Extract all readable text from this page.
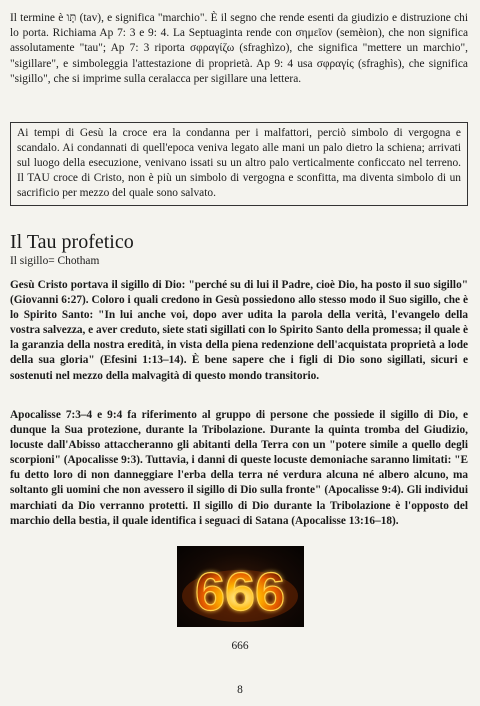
Il termine è תָּו (tav), e significa "marchio". È il segno che rende esenti da giudizio e distruzione chi lo porta. Richiama Ap 7: 3 e 9: 4. La Septuaginta rende con σημεῖον (semèion), che non significa assolutamente "tau"; Ap 7: 3 riporta σφραγίζω (sfraghìzo), che significa "mettere un marchio", "sigillare", e simboleggia l'attestazione di proprietà. Ap 9: 4 usa σφραγίς (sfraghìs), che significa "sigillo", che si imprime sulla ceralacca per sigillare una lettera.

Ai tempi di Gesù la croce era la condanna per i malfattori, perciò simbolo di vergogna e scandalo. Ai condannati di quell'epoca veniva legato alle mani un palo dietro la schiena; arrivati sul luogo della esecuzione, venivano issati su un altro palo verticalmente conficcato nel terreno. Il TAU croce di Cristo, non è più un simbolo di vergogna e sconfitta, ma diventa simbolo di un sacrificio per mezzo del quale sono salvato.

Il Tau profetico

Il sigillo= Chotham

Gesù Cristo portava il sigillo di Dio: "perché su di lui il Padre, cioè Dio, ha posto il suo sigillo" (Giovanni 6:27). Coloro i quali credono in Gesù possiedono allo stesso modo il Suo sigillo, che è lo Spirito Santo: "In lui anche voi, dopo aver udita la parola della verità, l'evangelo della vostra salvezza, e aver creduto, siete stati sigillati con lo Spirito Santo della promessa; il quale è la garanzia della nostra eredità, in vista della piena redenzione dell'acquistata proprietà a lode della sua gloria" (Efesini 1:13–14). È bene sapere che i figli di Dio sono sigillati, sicuri e sostenuti nel mezzo della malvagità di questo mondo transitorio.

Apocalisse 7:3–4 e 9:4 fa riferimento al gruppo di persone che possiede il sigillo di Dio, e dunque la Sua protezione, durante la Tribolazione. Durante la quinta tromba del Giudizio, locuste dall'Abisso attaccheranno gli abitanti della Terra con un "potere simile a quello degli scorpioni" (Apocalisse 9:3). Tuttavia, i danni di queste locuste demoniache saranno limitati: "E fu detto loro di non danneggiare l'erba della terra né verdura alcuna né albero alcuno, ma soltanto gli uomini che non avessero il sigillo di Dio sulla fronte" (Apocalisse 9:4). Gli individui marchiati da Dio verranno protetti. Il sigillo di Dio durante la Tribolazione è l'opposto del marchio della bestia, il quale identifica i seguaci di Satana (Apocalisse 13:16–18).

666

666

8
